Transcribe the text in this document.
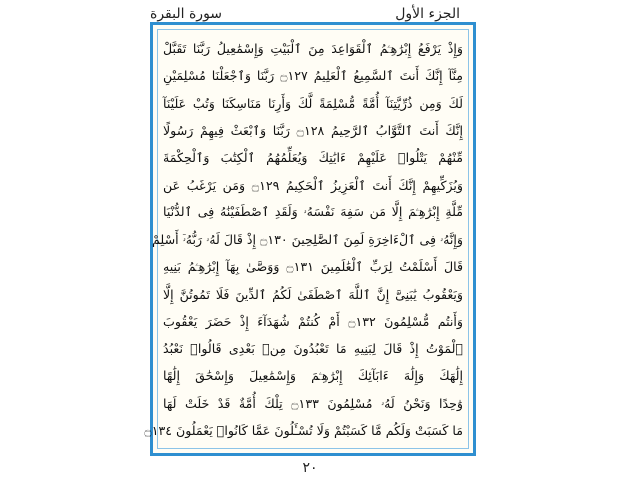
سورة البقرة	الجزء الأول
وَإِذْ يَرْفَعُ إِبْرَٰهِـۧمُ ٱلْقَوَاعِدَ مِنَ ٱلْبَيْتِ وَإِسْمَٰعِيلُ رَبَّنَا تَقَبَّلْ
مِنَّآ إِنَّكَ أَنتَ ٱلسَّمِيعُ ٱلْعَلِيمُ ۝١٢٧ رَبَّنَا وَٱجْعَلْنَا مُسْلِمَيْنِ
لَكَ وَمِن ذُرِّيَّتِنَآ أُمَّةً مُّسْلِمَةً لَّكَ وَأَرِنَا مَنَاسِكَنَا وَتُبْ عَلَيْنَآ
إِنَّكَ أَنتَ ٱلتَّوَّابُ ٱلرَّحِيمُ ۝١٢٨ رَبَّنَا وَٱبْعَثْ فِيهِمْ رَسُولًا
مِّنْهُمْ يَتْلُوا۟ عَلَيْهِمْ ءَايَٰتِكَ وَيُعَلِّمُهُمُ ٱلْكِتَٰبَ وَٱلْحِكْمَةَ
وَيُزَكِّيهِمْ إِنَّكَ أَنتَ ٱلْعَزِيزُ ٱلْحَكِيمُ ۝١٢٩ وَمَن يَرْغَبُ عَن
مِّلَّةِ إِبْرَٰهِـۧمَ إِلَّا مَن سَفِهَ نَفْسَهُۥ وَلَقَدِ ٱصْطَفَيْنَٰهُ فِى ٱلدُّنْيَا
وَإِنَّهُۥ فِى ٱلْءَاخِرَةِ لَمِنَ ٱلصَّٰلِحِينَ ۝١٣٠ إِذْ قَالَ لَهُۥ رَبُّهُۥٓ أَسْلِمْ
قَالَ أَسْلَمْتُ لِرَبِّ ٱلْعَٰلَمِينَ ۝١٣١ وَوَصَّىٰ بِهَآ إِبْرَٰهِـۧمُ بَنِيهِ
وَيَعْقُوبُ يَٰبَنِىَّ إِنَّ ٱللَّهَ ٱصْطَفَىٰ لَكُمُ ٱلدِّينَ فَلَا تَمُوتُنَّ إِلَّا
وَأَنتُم مُّسْلِمُونَ ۝١٣٢ أَمْ كُنتُمْ شُهَدَآءَ إِذْ حَضَرَ يَعْقُوبَ
ٱلْمَوْتُ إِذْ قَالَ لِبَنِيهِ مَا تَعْبُدُونَ مِنۢ بَعْدِى قَالُوا۟ نَعْبُدُ
إِلَٰهَكَ وَإِلَٰهَ ءَابَآئِكَ إِبْرَٰهِـۧمَ وَإِسْمَٰعِيلَ وَإِسْحَٰقَ إِلَٰهًا
وَٰحِدًا وَنَحْنُ لَهُۥ مُسْلِمُونَ ۝١٣٣ تِلْكَ أُمَّةٌ قَدْ خَلَتْ لَهَا
مَا كَسَبَتْ وَلَكُم مَّا كَسَبْتُمْ وَلَا تُسْـَٔلُونَ عَمَّا كَانُوا۟ يَعْمَلُونَ ۝١٣٤
٢٠
